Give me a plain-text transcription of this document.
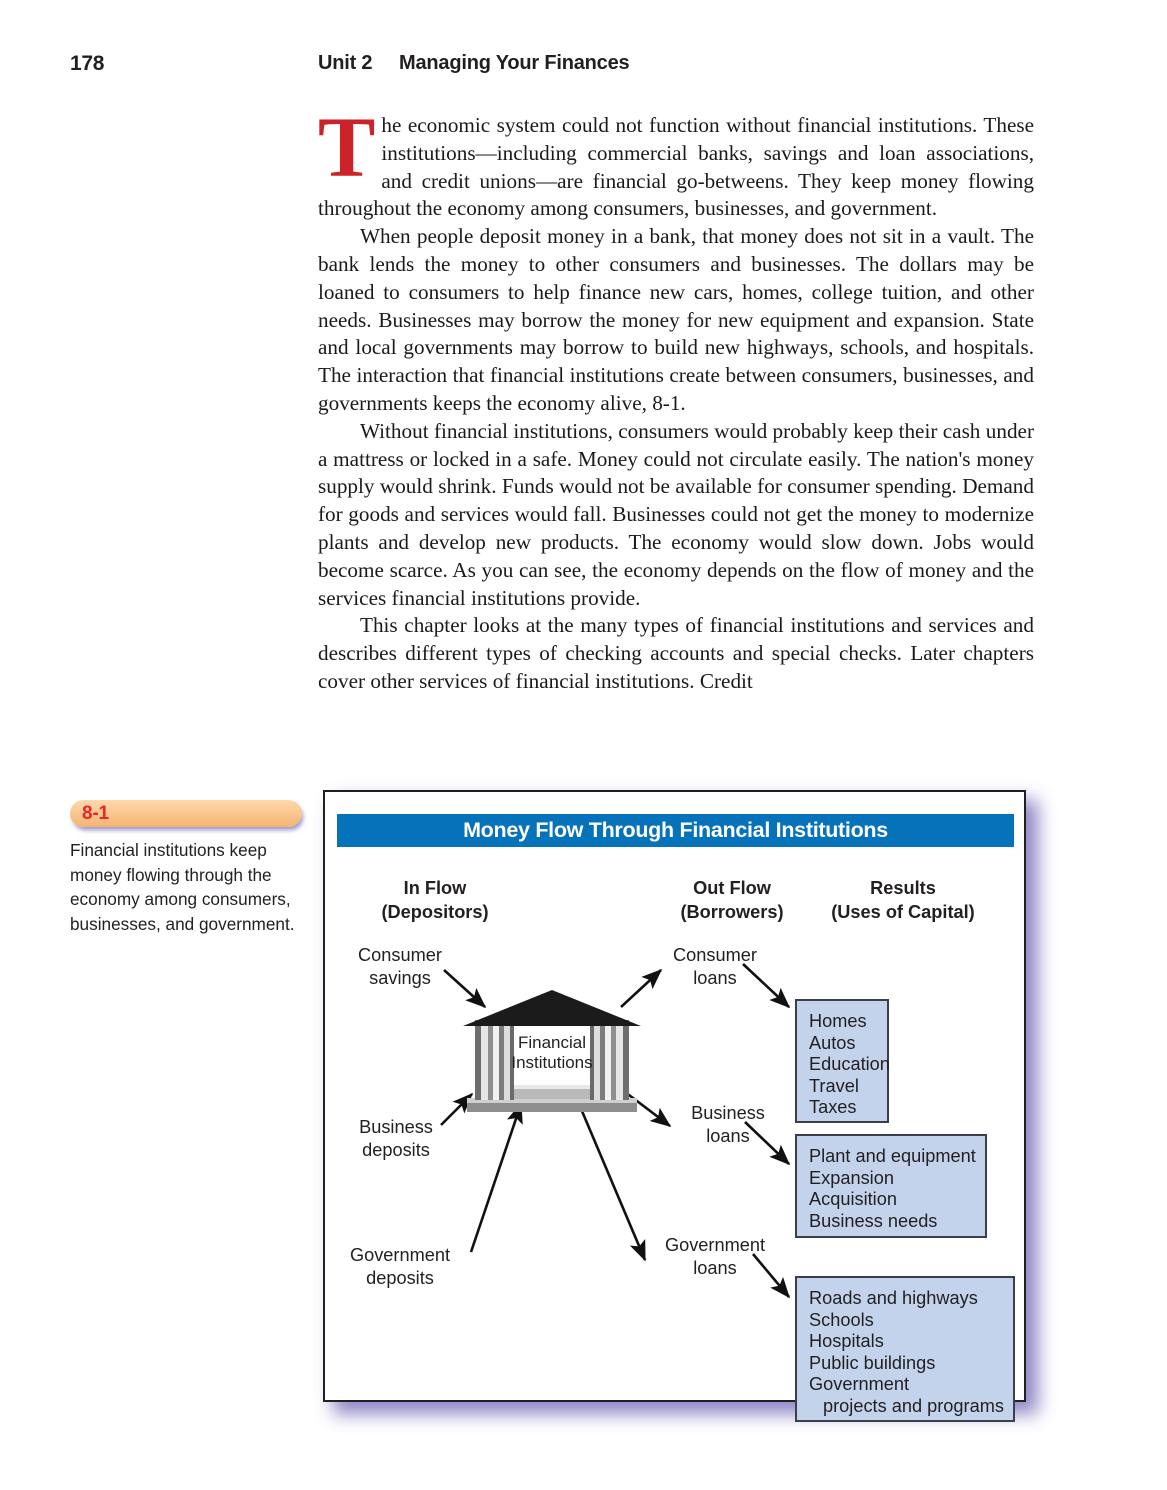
178	Unit 2 Managing Your Finances

The economic system could not function without financial institutions. These institutions—including commercial banks, savings and loan associations, and credit unions—are financial go-betweens. They keep money flowing throughout the economy among consumers, businesses, and government.

When people deposit money in a bank, that money does not sit in a vault. The bank lends the money to other consumers and businesses. The dollars may be loaned to consumers to help finance new cars, homes, college tuition, and other needs. Businesses may borrow the money for new equipment and expansion. State and local governments may borrow to build new highways, schools, and hospitals. The interaction that financial institutions create between consumers, businesses, and governments keeps the economy alive, 8-1.

Without financial institutions, consumers would probably keep their cash under a mattress or locked in a safe. Money could not circulate easily. The nation's money supply would shrink. Funds would not be available for consumer spending. Demand for goods and services would fall. Businesses could not get the money to modernize plants and develop new products. The economy would slow down. Jobs would become scarce. As you can see, the economy depends on the flow of money and the services financial institutions provide.

This chapter looks at the many types of financial institutions and services and describes different types of checking accounts and special checks. Later chapters cover other services of financial institutions. Credit

8-1
Financial institutions keep money flowing through the economy among consumers, businesses, and government.
Money Flow Through Financial Institutions
In Flow
(Depositors)
Out Flow
(Borrowers)
Results
(Uses of Capital)
Financial
Institutions
Consumer
savings
Business
deposits
Government
deposits
Consumer
loans
Business
loans
Government
loans
Homes
Autos
Education
Travel
Taxes
Plant and equipment
Expansion
Acquisition
Business needs
Roads and highways
Schools
Hospitals
Public buildings
Government
projects and programs
